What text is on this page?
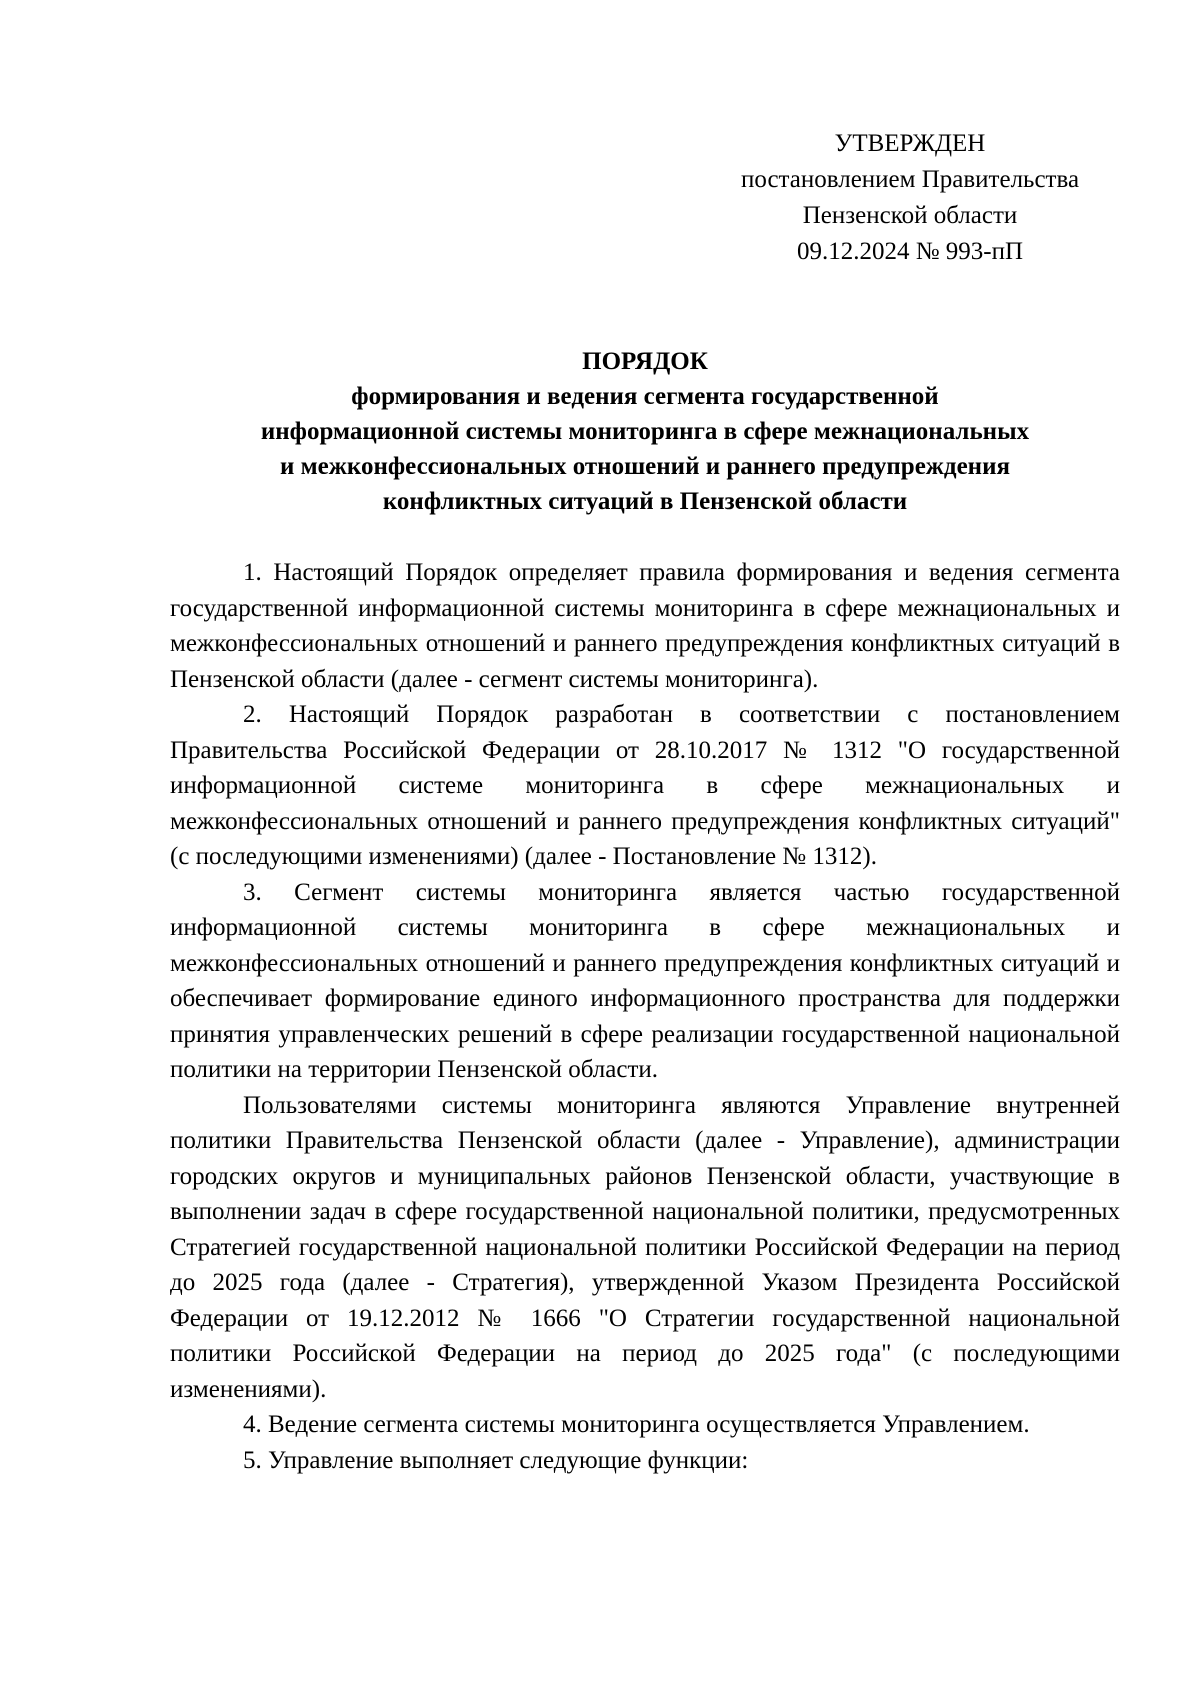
УТВЕРЖДЕН
постановлением Правительства
Пензенской области
09.12.2024 № 993-пП
ПОРЯДОК
формирования и ведения сегмента государственной
информационной системы мониторинга в сфере межнациональных
и межконфессиональных отношений и раннего предупреждения
конфликтных ситуаций в Пензенской области

1. Настоящий Порядок определяет правила формирования и ведения сегмента государственной информационной системы мониторинга в сфере межнациональных и межконфессиональных отношений и раннего предупреждения конфликтных ситуаций в Пензенской области (далее - сегмент системы мониторинга).

2. Настоящий Порядок разработан в соответствии с постановлением Правительства Российской Федерации от 28.10.2017 № 1312 "О государственной информационной системе мониторинга в сфере межнациональных и межконфессиональных отношений и раннего предупреждения конфликтных ситуаций" (с последующими изменениями) (далее - Постановление № 1312).

3. Сегмент системы мониторинга является частью государственной информационной системы мониторинга в сфере межнациональных и межконфессиональных отношений и раннего предупреждения конфликтных ситуаций и обеспечивает формирование единого информационного пространства для поддержки принятия управленческих решений в сфере реализации государственной национальной политики на территории Пензенской области.

Пользователями системы мониторинга являются Управление внутренней политики Правительства Пензенской области (далее - Управление), администрации городских округов и муниципальных районов Пензенской области, участвующие в выполнении задач в сфере государственной национальной политики, предусмотренных Стратегией государственной национальной политики Российской Федерации на период до 2025 года (далее - Стратегия), утвержденной Указом Президента Российской Федерации от 19.12.2012 № 1666 "О Стратегии государственной национальной политики Российской Федерации на период до 2025 года" (с последующими изменениями).

4. Ведение сегмента системы мониторинга осуществляется Управлением.

5. Управление выполняет следующие функции:
